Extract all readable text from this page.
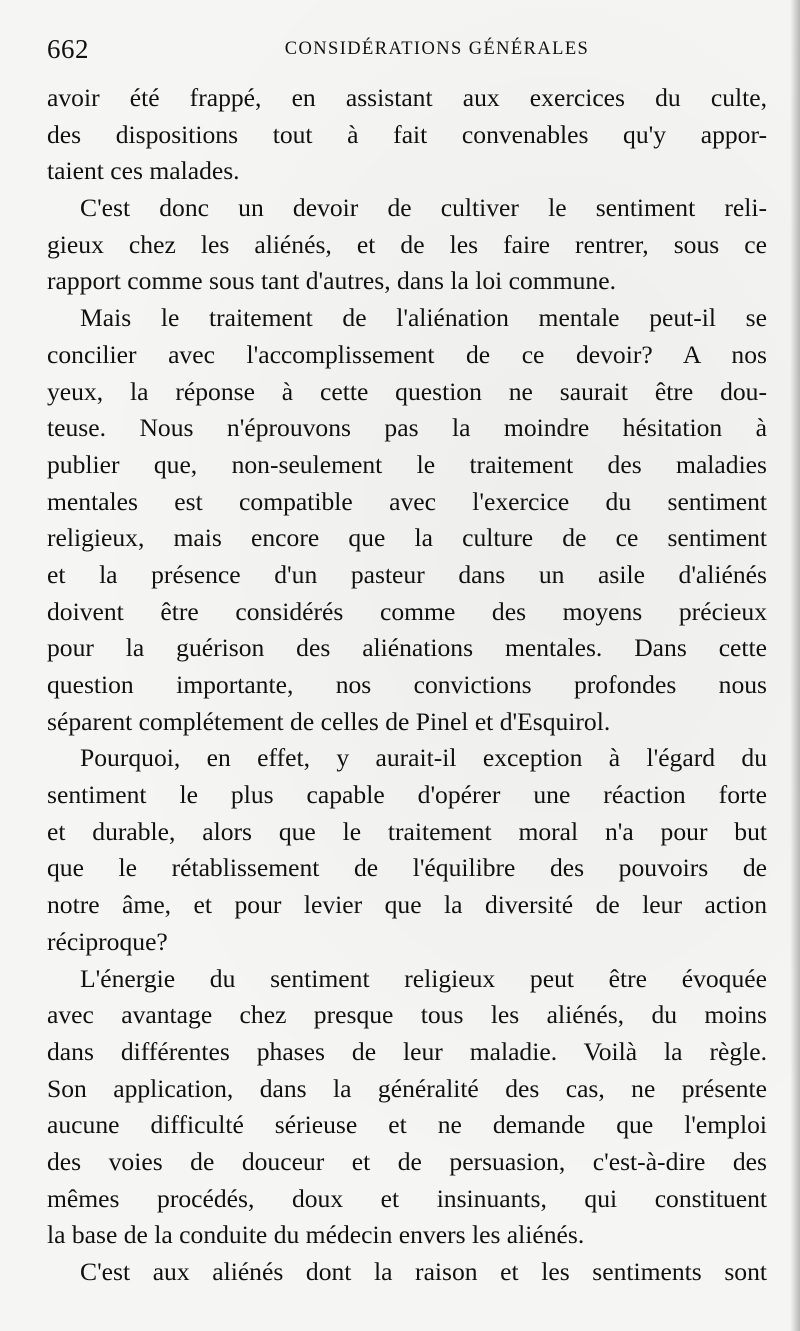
662	CONSIDÉRATIONS GÉNÉRALES
avoir été frappé, en assistant aux exercices du culte,
des dispositions tout à fait convenables qu'y appor-
taient ces malades.
C'est donc un devoir de cultiver le sentiment reli-
gieux chez les aliénés, et de les faire rentrer, sous ce
rapport comme sous tant d'autres, dans la loi commune.
Mais le traitement de l'aliénation mentale peut-il se
concilier avec l'accomplissement de ce devoir? A nos
yeux, la réponse à cette question ne saurait être dou-
teuse. Nous n'éprouvons pas la moindre hésitation à
publier que, non-seulement le traitement des maladies
mentales est compatible avec l'exercice du sentiment
religieux, mais encore que la culture de ce sentiment
et la présence d'un pasteur dans un asile d'aliénés
doivent être considérés comme des moyens précieux
pour la guérison des aliénations mentales. Dans cette
question importante, nos convictions profondes nous
séparent complétement de celles de Pinel et d'Esquirol.
Pourquoi, en effet, y aurait-il exception à l'égard du
sentiment le plus capable d'opérer une réaction forte
et durable, alors que le traitement moral n'a pour but
que le rétablissement de l'équilibre des pouvoirs de
notre âme, et pour levier que la diversité de leur action
réciproque?
L'énergie du sentiment religieux peut être évoquée
avec avantage chez presque tous les aliénés, du moins
dans différentes phases de leur maladie. Voilà la règle.
Son application, dans la généralité des cas, ne présente
aucune difficulté sérieuse et ne demande que l'emploi
des voies de douceur et de persuasion, c'est-à-dire des
mêmes procédés, doux et insinuants, qui constituent
la base de la conduite du médecin envers les aliénés.
C'est aux aliénés dont la raison et les sentiments sont
